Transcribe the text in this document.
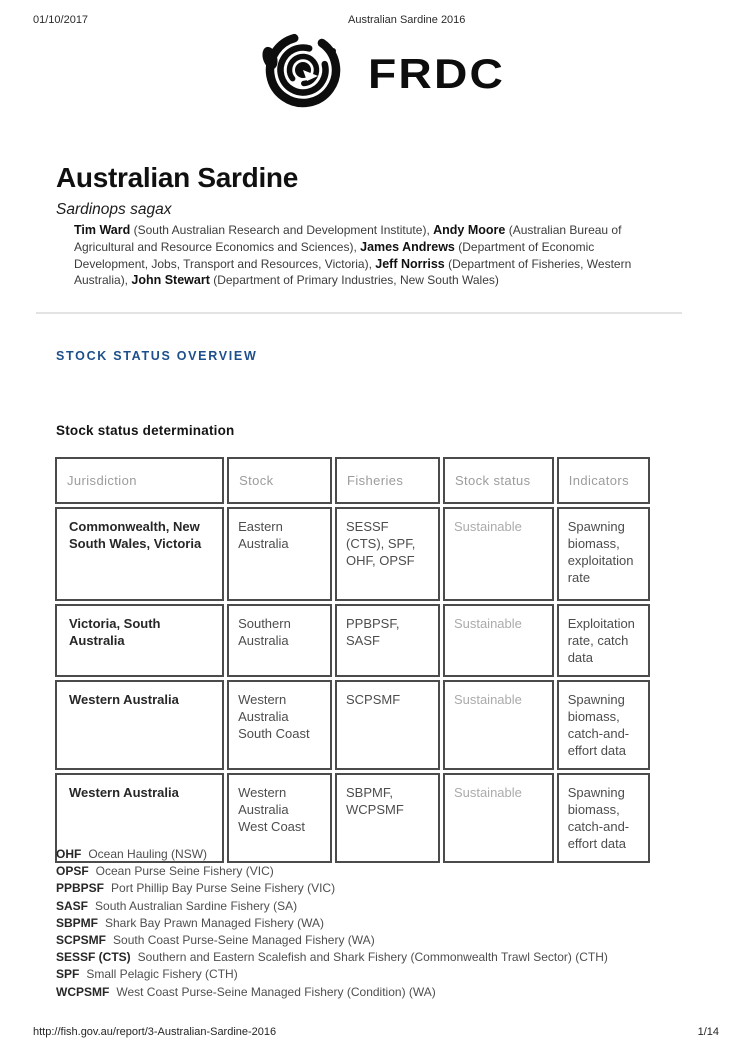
01/10/2017	Australian Sardine 2016
FRDC
Australian Sardine
Sardinops sagax

Tim Ward (South Australian Research and Development Institute), Andy Moore (Australian Bureau of Agricultural and Resource Economics and Sciences), James Andrews (Department of Economic Development, Jobs, Transport and Resources, Victoria), Jeff Norriss (Department of Fisheries, Western Australia), John Stewart (Department of Primary Industries, New South Wales)

STOCK STATUS OVERVIEW
Stock status determination
Jurisdiction	Stock	Fisheries	Stock status	Indicators
Commonwealth, New South Wales, Victoria	Eastern Australia	SESSF (CTS), SPF, OHF, OPSF	Sustainable	Spawning biomass, exploitation rate
Victoria, South Australia	Southern Australia	PPBPSF, SASF	Sustainable	Exploitation rate, catch data
Western Australia	Western Australia South Coast	SCPSMF	Sustainable	Spawning biomass, catch-and-effort data
Western Australia	Western Australia West Coast	SBPMF, WCPSMF	Sustainable	Spawning biomass, catch-and-effort data
OHF Ocean Hauling (NSW)
OPSF Ocean Purse Seine Fishery (VIC)
PPBPSF Port Phillip Bay Purse Seine Fishery (VIC)
SASF South Australian Sardine Fishery (SA)
SBPMF Shark Bay Prawn Managed Fishery (WA)
SCPSMF South Coast Purse-Seine Managed Fishery (WA)
SESSF (CTS) Southern and Eastern Scalefish and Shark Fishery (Commonwealth Trawl Sector) (CTH)
SPF Small Pelagic Fishery (CTH)
WCPSMF West Coast Purse-Seine Managed Fishery (Condition) (WA)
http://fish.gov.au/report/3-Australian-Sardine-2016	1/14
